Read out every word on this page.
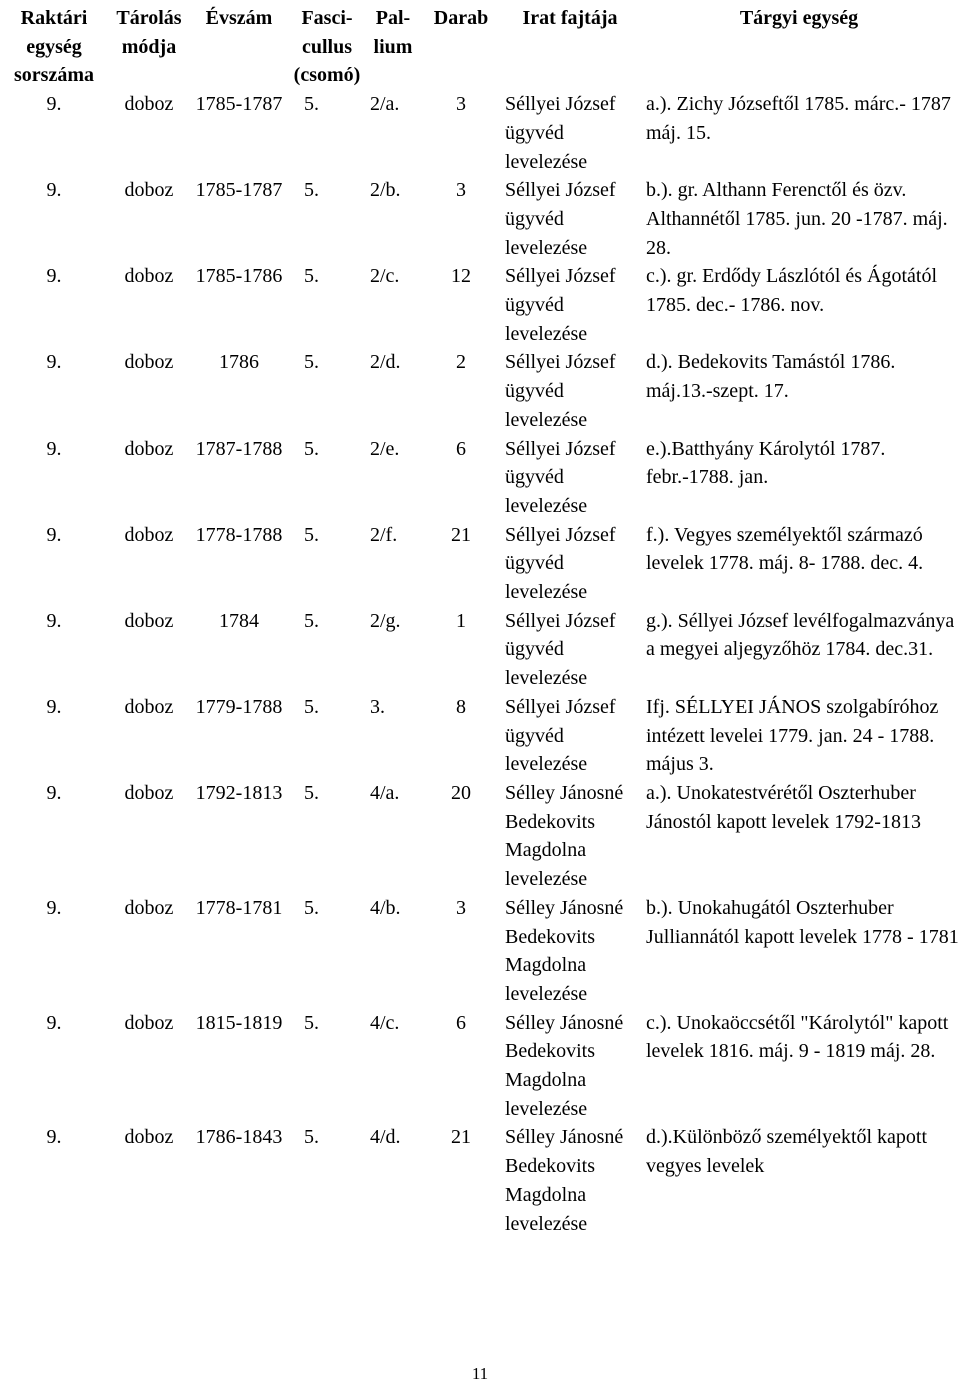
Raktári egység sorszáma	Tárolás módja	Évszám	Fasci-cullus (csomó)	Pal-lium	Darab	Irat fajtája	Tárgyi egység
9.	doboz	1785-1787	5.	2/a.	3	Séllyei József ügyvéd levelezése	a.). Zichy Józseftől 1785. márc.- 1787 máj. 15.
9.	doboz	1785-1787	5.	2/b.	3	Séllyei József ügyvéd levelezése	b.). gr. Althann Ferenctől és özv. Althannétől 1785. jun. 20 -1787. máj. 28.
9.	doboz	1785-1786	5.	2/c.	12	Séllyei József ügyvéd levelezése	c.). gr. Erdődy Lászlótól és Ágotától 1785. dec.- 1786. nov.
9.	doboz	1786	5.	2/d.	2	Séllyei József ügyvéd levelezése	d.). Bedekovits Tamástól 1786. máj.13.-szept. 17.
9.	doboz	1787-1788	5.	2/e.	6	Séllyei József ügyvéd levelezése	e.).Batthyány Károlytól 1787. febr.-1788. jan.
9.	doboz	1778-1788	5.	2/f.	21	Séllyei József ügyvéd levelezése	f.). Vegyes személyektől származó levelek 1778. máj. 8- 1788. dec. 4.
9.	doboz	1784	5.	2/g.	1	Séllyei József ügyvéd levelezése	g.). Séllyei József levélfogalmazványa a megyei aljegyzőhöz 1784. dec.31.
9.	doboz	1779-1788	5.	3.	8	Séllyei József ügyvéd levelezése	Ifj. SÉLLYEI JÁNOS szolgabíróhoz intézett levelei 1779. jan. 24 - 1788. május 3.
9.	doboz	1792-1813	5.	4/a.	20	Sélley Jánosné Bedekovits Magdolna levelezése	a.). Unokatestvérétől Oszterhuber Jánostól kapott levelek 1792-1813
9.	doboz	1778-1781	5.	4/b.	3	Sélley Jánosné Bedekovits Magdolna levelezése	b.). Unokahugától Oszterhuber Julliannától kapott levelek 1778 - 1781
9.	doboz	1815-1819	5.	4/c.	6	Sélley Jánosné Bedekovits Magdolna levelezése	c.). Unokaöccsétől "Károlytól" kapott levelek 1816. máj. 9 - 1819 máj. 28.
9.	doboz	1786-1843	5.	4/d.	21	Sélley Jánosné Bedekovits Magdolna levelezése	d.).Különböző személyektől kapott vegyes levelek
11
